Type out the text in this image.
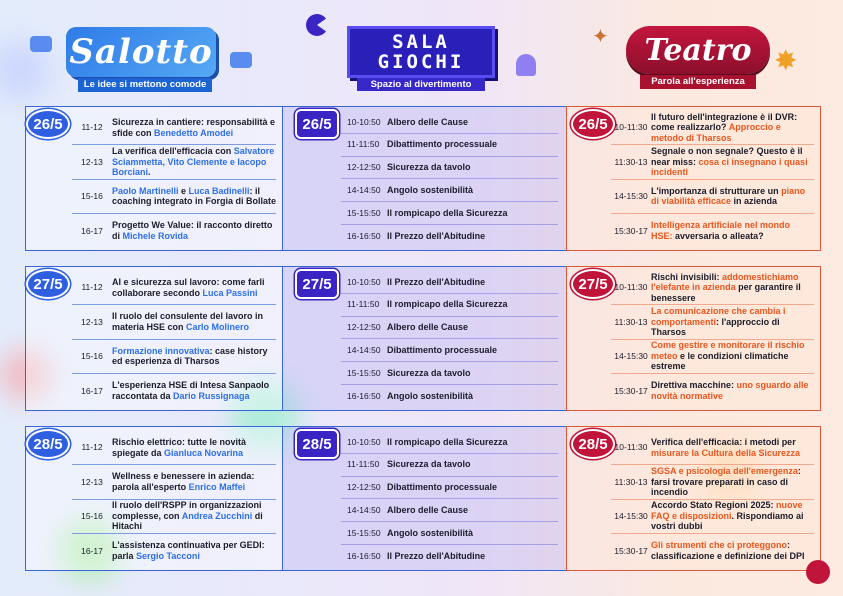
Salotto
Le idee si mettono comode
SALA
GIOCHI
Spazio al divertimento
✦ Teatro
Parola all'esperienza
✸
26/5	11-12
Sicurezza in cantiere: responsabilità e sfide con Benedetto Amodei
12-13
La verifica dell'efficacia con Salvatore Sciammetta, Vito Clemente e Iacopo Borciani.
15-16
Paolo Martinelli e Luca Badinelli: il coaching integrato in Forgia di Bollate
16-17
Progetto We Value: il racconto diretto di Michele Rovida
26/5	10-10:50 Albero delle Cause
11-11:50 Dibattimento processuale
12-12:50 Sicurezza da tavolo
14-14:50 Angolo sostenibilità
15-15:50 Il rompicapo della Sicurezza
16-16:50 Il Prezzo dell'Abitudine
26/5 10-11:30
Il futuro dell'integrazione è il DVR: come realizzarlo? Approccio e metodo di Tharsos
11:30-13
Segnale o non segnale? Questo è il near miss: cosa ci insegnano i quasi incidenti
14-15:30
L'importanza di strutturare un piano di viabilità efficace in azienda
15:30-17
Intelligenza artificiale nel mondo HSE: avversaria o alleata?
27/5	11-12
AI e sicurezza sul lavoro: come farli collaborare secondo Luca Passini
12-13
Il ruolo del consulente del lavoro in materia HSE con Carlo Molinero
15-16
Formazione innovativa: case history ed esperienza di Tharsos
16-17
L'esperienza HSE di Intesa Sanpaolo raccontata da Dario Russignaga
27/5	10-10:50 Il Prezzo dell'Abitudine
11-11:50 Il rompicapo della Sicurezza
12-12:50 Albero delle Cause
14-14:50 Dibattimento processuale
15-15:50 Sicurezza da tavolo
16-16:50 Angolo sostenibilità
27/5 10-11:30
Rischi invisibili: addomestichiamo l'elefante in azienda per garantire il benessere
11:30-13
La comunicazione che cambia i comportamenti: l'approccio di Tharsos
14-15:30
Come gestire e monitorare il rischio meteo e le condizioni climatiche estreme
15:30-17
Direttiva macchine: uno sguardo alle novità normative
28/5	11-12
Rischio elettrico: tutte le novità spiegate da Gianluca Novarina
12-13
Wellness e benessere in azienda: parola all'esperto Enrico Maffei
15-16
Il ruolo dell'RSPP in organizzazioni complesse, con Andrea Zucchini di Hitachi
16-17
L'assistenza continuativa per GEDI: parla Sergio Tacconi
28/5	10-10:50 Il rompicapo della Sicurezza
11-11:50 Sicurezza da tavolo
12-12:50 Dibattimento processuale
14-14:50 Albero delle Cause
15-15:50 Angolo sostenibilità
16-16:50 Il Prezzo dell'Abitudine
28/5 10-11:30
Verifica dell'efficacia: i metodi per misurare la Cultura della Sicurezza
11:30-13
SGSA e psicologia dell'emergenza: farsi trovare preparati in caso di incendio
14-15:30
Accordo Stato Regioni 2025: nuove FAQ e disposizioni. Rispondiamo ai vostri dubbi
15:30-17
Gli strumenti che ci proteggono: classificazione e definizione dei DPI
